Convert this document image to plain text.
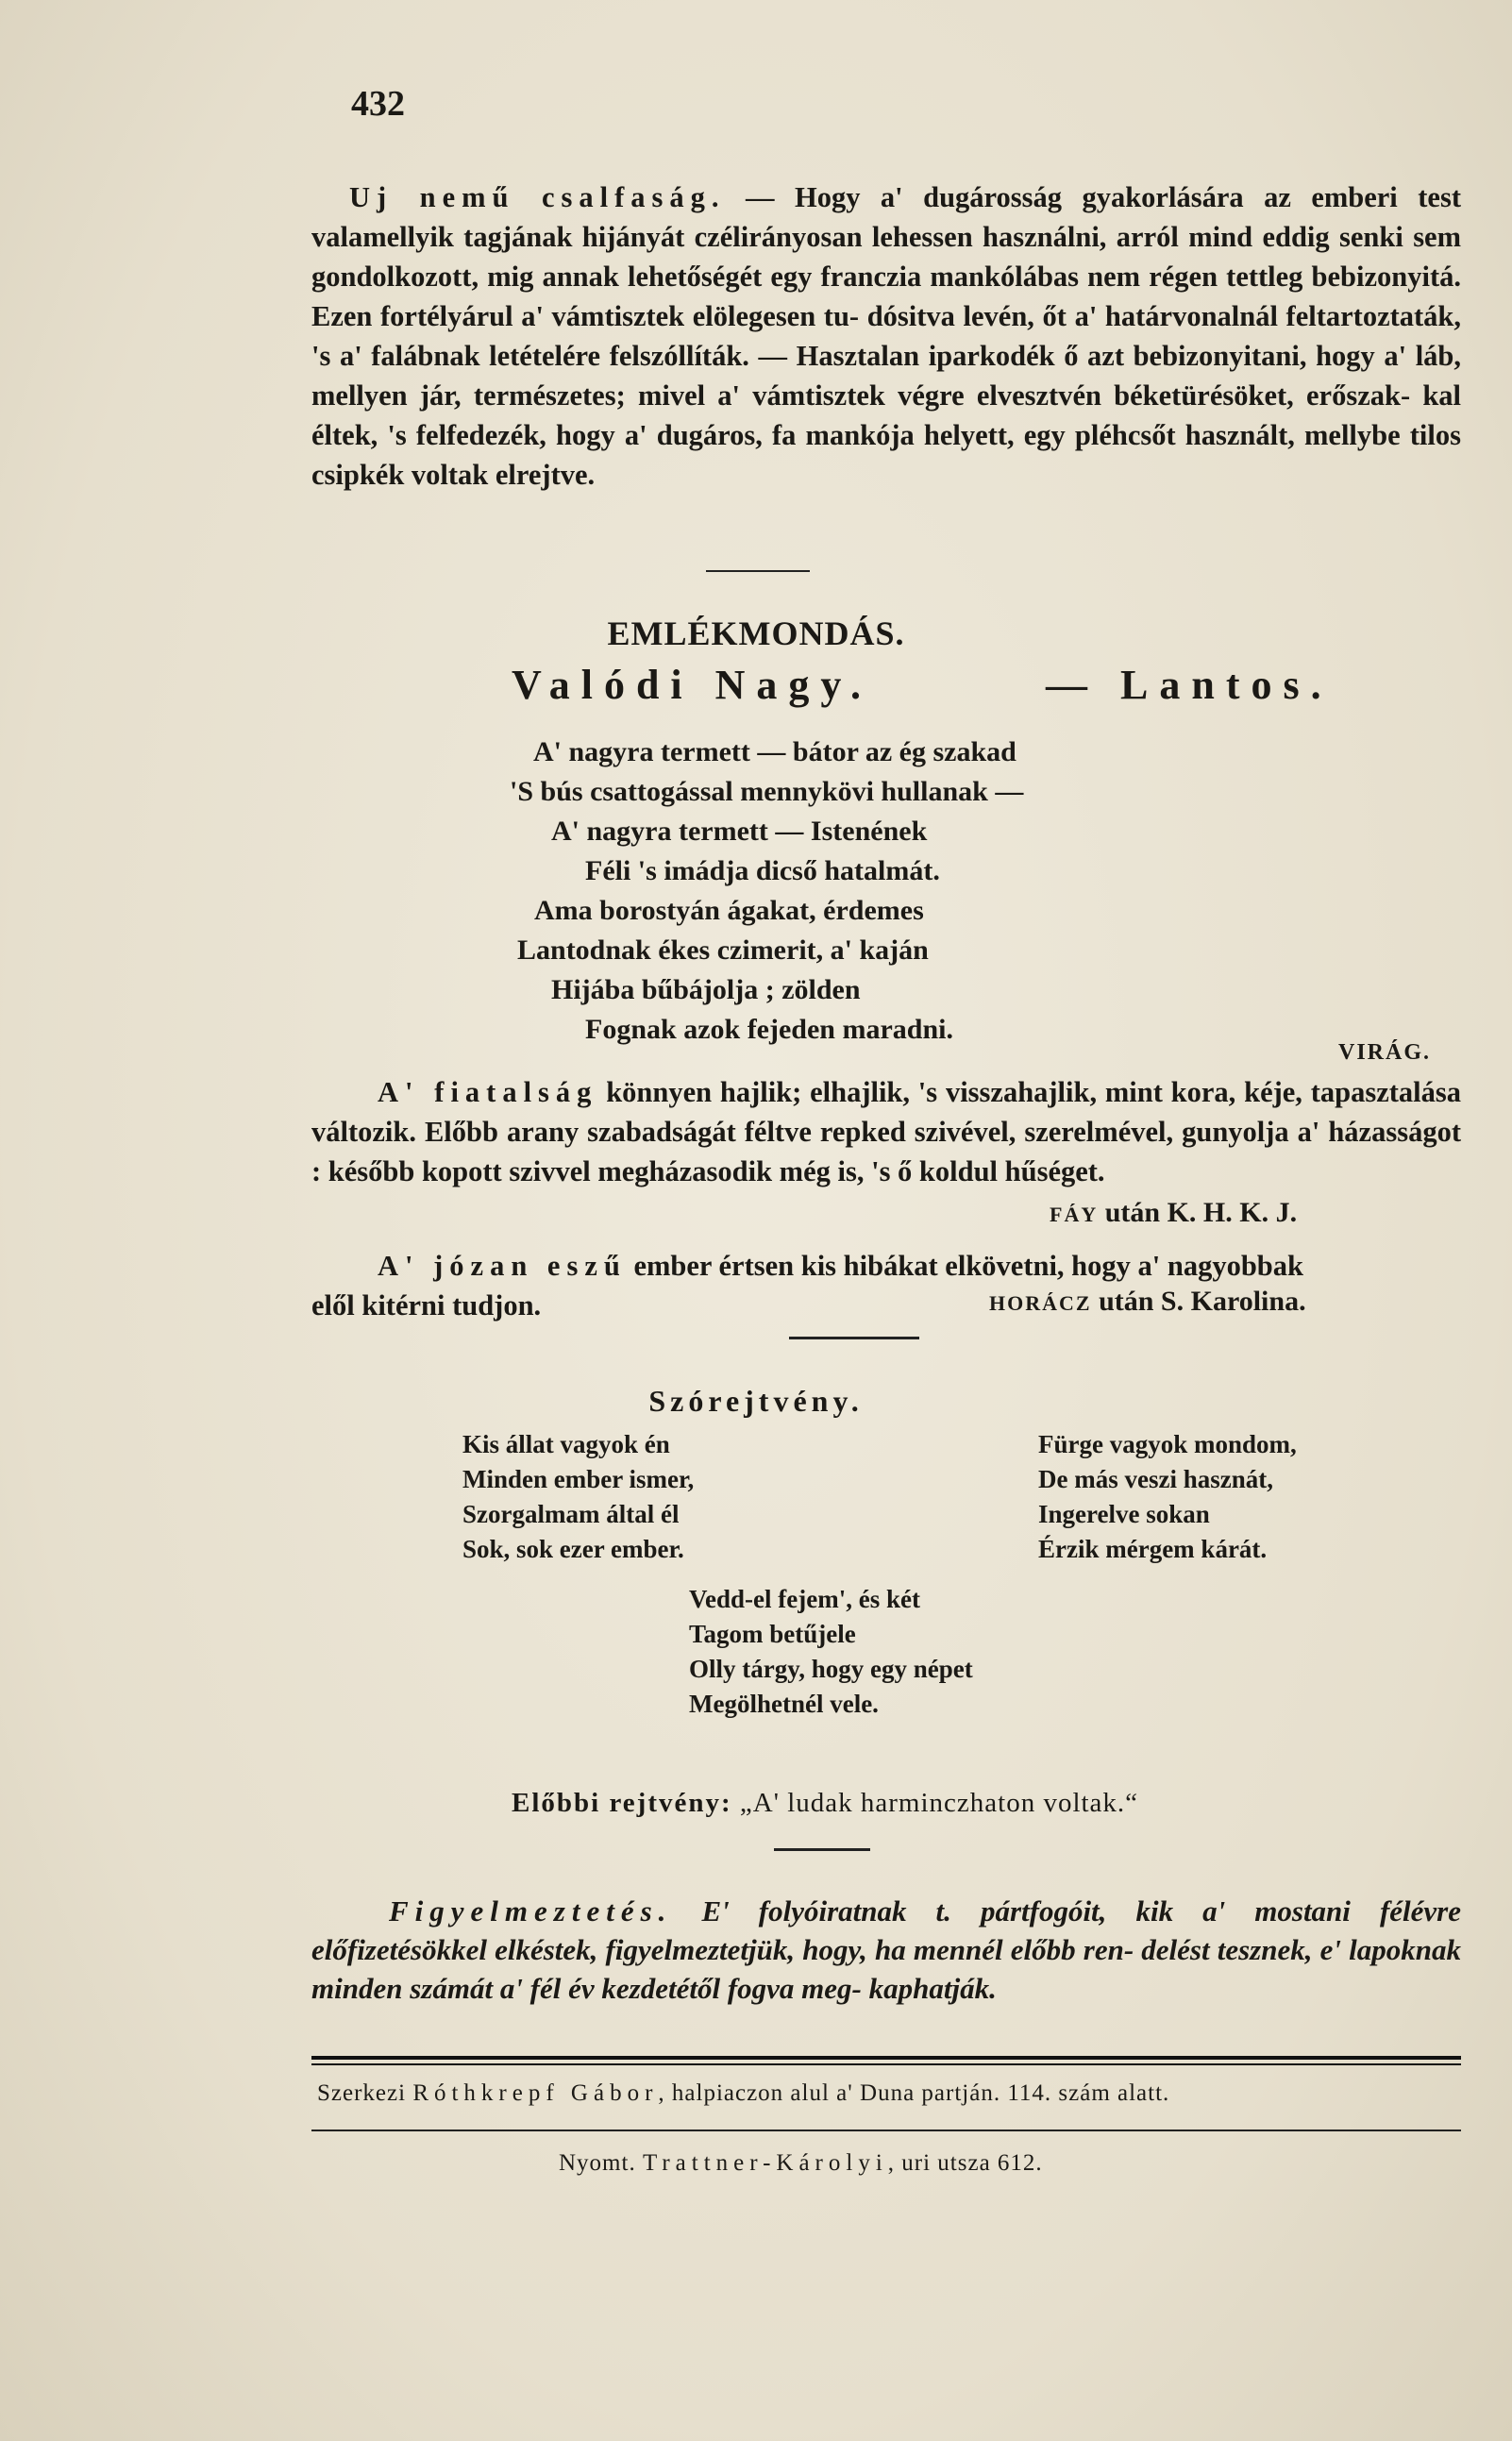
432

Uj nemű csalfaság. — Hogy a' dugárosság gyakorlására az emberi test valamellyik tagjának hijányát czélirányosan lehessen használni, arról mind eddig senki sem gondolkozott, mig annak lehetőségét egy franczia mankólábas nem régen tettleg bebizonyitá. Ezen fortélyárul a' vámtisztek elölegesen tu- dósitva levén, őt a' határvonalnál feltartoztaták, 's a' falábnak letételére felszóllíták. — Hasztalan iparkodék ő azt bebizonyitani, hogy a' láb, mellyen jár, természetes; mivel a' vámtisztek végre elvesztvén béketürésöket, erőszak- kal éltek, 's felfedezék, hogy a' dugáros, fa mankója helyett, egy pléhcsőt használt, mellybe tilos csipkék voltak elrejtve.

EMLÉKMONDÁS.
Valódi Nagy.	— Lantos.
A' nagyra termett — bátor az ég szakad
'S bús csattogással mennykövi hullanak —
A' nagyra termett — Istenének
Féli 's imádja dicső hatalmát.
Ama borostyán ágakat, érdemes
Lantodnak ékes czimerit, a' kaján
Hijába bűbájolja ; zölden
Fognak azok fejeden maradni.
VIRÁG.

A' fiatalság könnyen hajlik; elhajlik, 's visszahajlik, mint kora, kéje, tapasztalása változik. Előbb arany szabadságát féltve repked szivével, szerelmével, gunyolja a' házasságot : később kopott szivvel megházasodik még is, 's ő koldul hűséget.

FÁY után K. H. K. J.

A' józan eszű ember értsen kis hibákat elkövetni, hogy a' nagyobbak

elől kitérni tudjon.	HORÁCZ után S. Karolina.
Szórejtvény.
Kis állat vagyok én
Minden ember ismer,
Szorgalmam által él
Sok, sok ezer ember.
Fürge vagyok mondom,
De más veszi hasznát,
Ingerelve sokan
Érzik mérgem kárát.
Vedd-el fejem', és két
Tagom betűjele
Olly tárgy, hogy egy népet
Megölhetnél vele.
Előbbi rejtvény: „A' ludak harminczhaton voltak.“

Figyelmeztetés. E' folyóiratnak t. pártfogóit, kik a' mostani félévre előfizetésökkel elkéstek, figyelmeztetjük, hogy, ha mennél előbb ren- delést tesznek, e' lapoknak minden számát a' fél év kezdetétől fogva meg- kaphatják.

Szerkezi Róthkrepf Gábor, halpiaczon alul a' Duna partján. 114. szám alatt.
Nyomt. Trattner-Károlyi, uri utsza 612.
